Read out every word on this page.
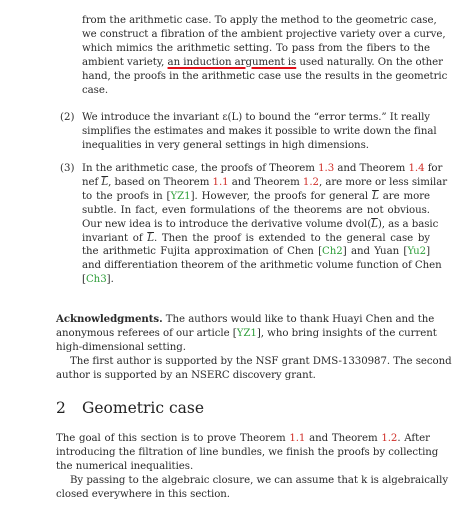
from the arithmetic case. To apply the method to the geometric case,
we construct a fibration of the ambient projective variety over a curve,
which mimics the arithmetic setting. To pass from the fibers to the
ambient variety, an induction argument is used naturally. On the other
hand, the proofs in the arithmetic case use the results in the geometric
case.
(2) We introduce the invariant ε(L) to bound the “error terms.” It really
simplifies the estimates and makes it possible to write down the final
inequalities in very general settings in high dimensions.
(3) In the arithmetic case, the proofs of Theorem 1.3 and Theorem 1.4 for
nef $\overline{L}$, based on Theorem 1.1 and Theorem 1.2, are more or less similar
to the proofs in [YZ1]. However, the proofs for general $\overline{L}$ are more
subtle. In fact, even formulations of the theorems are not obvious.
Our new idea is to introduce the derivative volume $dvol(\overline{L})$, as a basic
invariant of $\overline{L}$. Then the proof is extended to the general case by
the arithmetic Fujita approximation of Chen [Ch2] and Yuan [Yu2]
and differentiation theorem of the arithmetic volume function of Chen
[Ch3].
Acknowledgments. The authors would like to thank Huayi Chen and the
anonymous referees of our article [YZ1], who bring insights of the current
high-dimensional setting.
The first author is supported by the NSF grant DMS-1330987. The second
author is supported by an NSERC discovery grant.
2 Geometric case
The goal of this section is to prove Theorem 1.1 and Theorem 1.2. After
introducing the filtration of line bundles, we finish the proofs by collecting
the numerical inequalities.
By passing to the algebraic closure, we can assume that k is algebraically
closed everywhere in this section.
